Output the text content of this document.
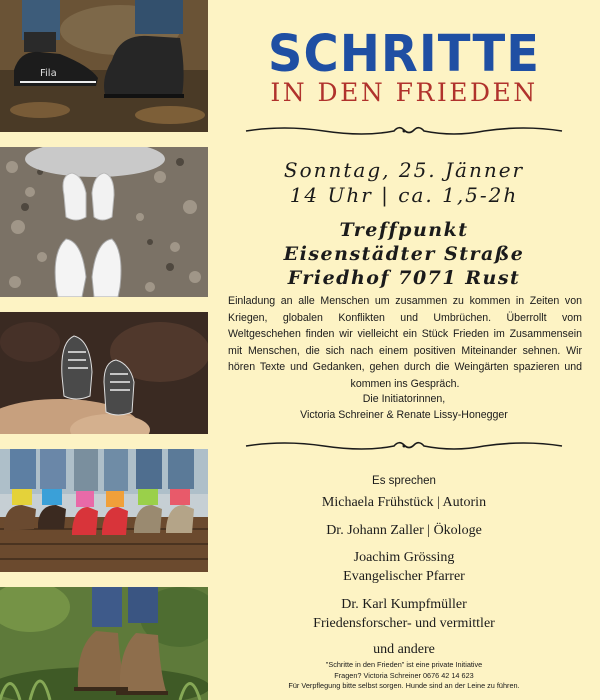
Fila	SCHRITTE
IN DEN FRIEDEN
Sonntag, 25. Jänner
14 Uhr | ca. 1,5-2h
Treffpunkt
Eisenstädter Straße
Friedhof 7071 Rust
Einladung an alle Menschen um zusammen zu kommen in Zeiten von Kriegen, globalen Konflikten und Umbrüchen. Überrollt vom Weltgeschehen finden wir vielleicht ein Stück Frieden im Zusammensein mit Menschen, die sich nach einem positiven Miteinander sehnen. Wir hören Texte und Gedanken, gehen durch die Weingärten spazieren und kommen ins Gespräch.
Die Initiatorinnen,
Victoria Schreiner & Renate Lissy-Honegger
Es sprechen
Michaela Frühstück | Autorin
Dr. Johann Zaller | Ökologe
Joachim Grössing
Evangelischer Pfarrer
Dr. Karl Kumpfmüller
Friedensforscher- und vermittler
und andere
"Schritte in den Frieden" ist eine private Initiative
Fragen? Victoria Schreiner 0676 42 14 623
Für Verpflegung bitte selbst sorgen. Hunde sind an der Leine zu führen.
